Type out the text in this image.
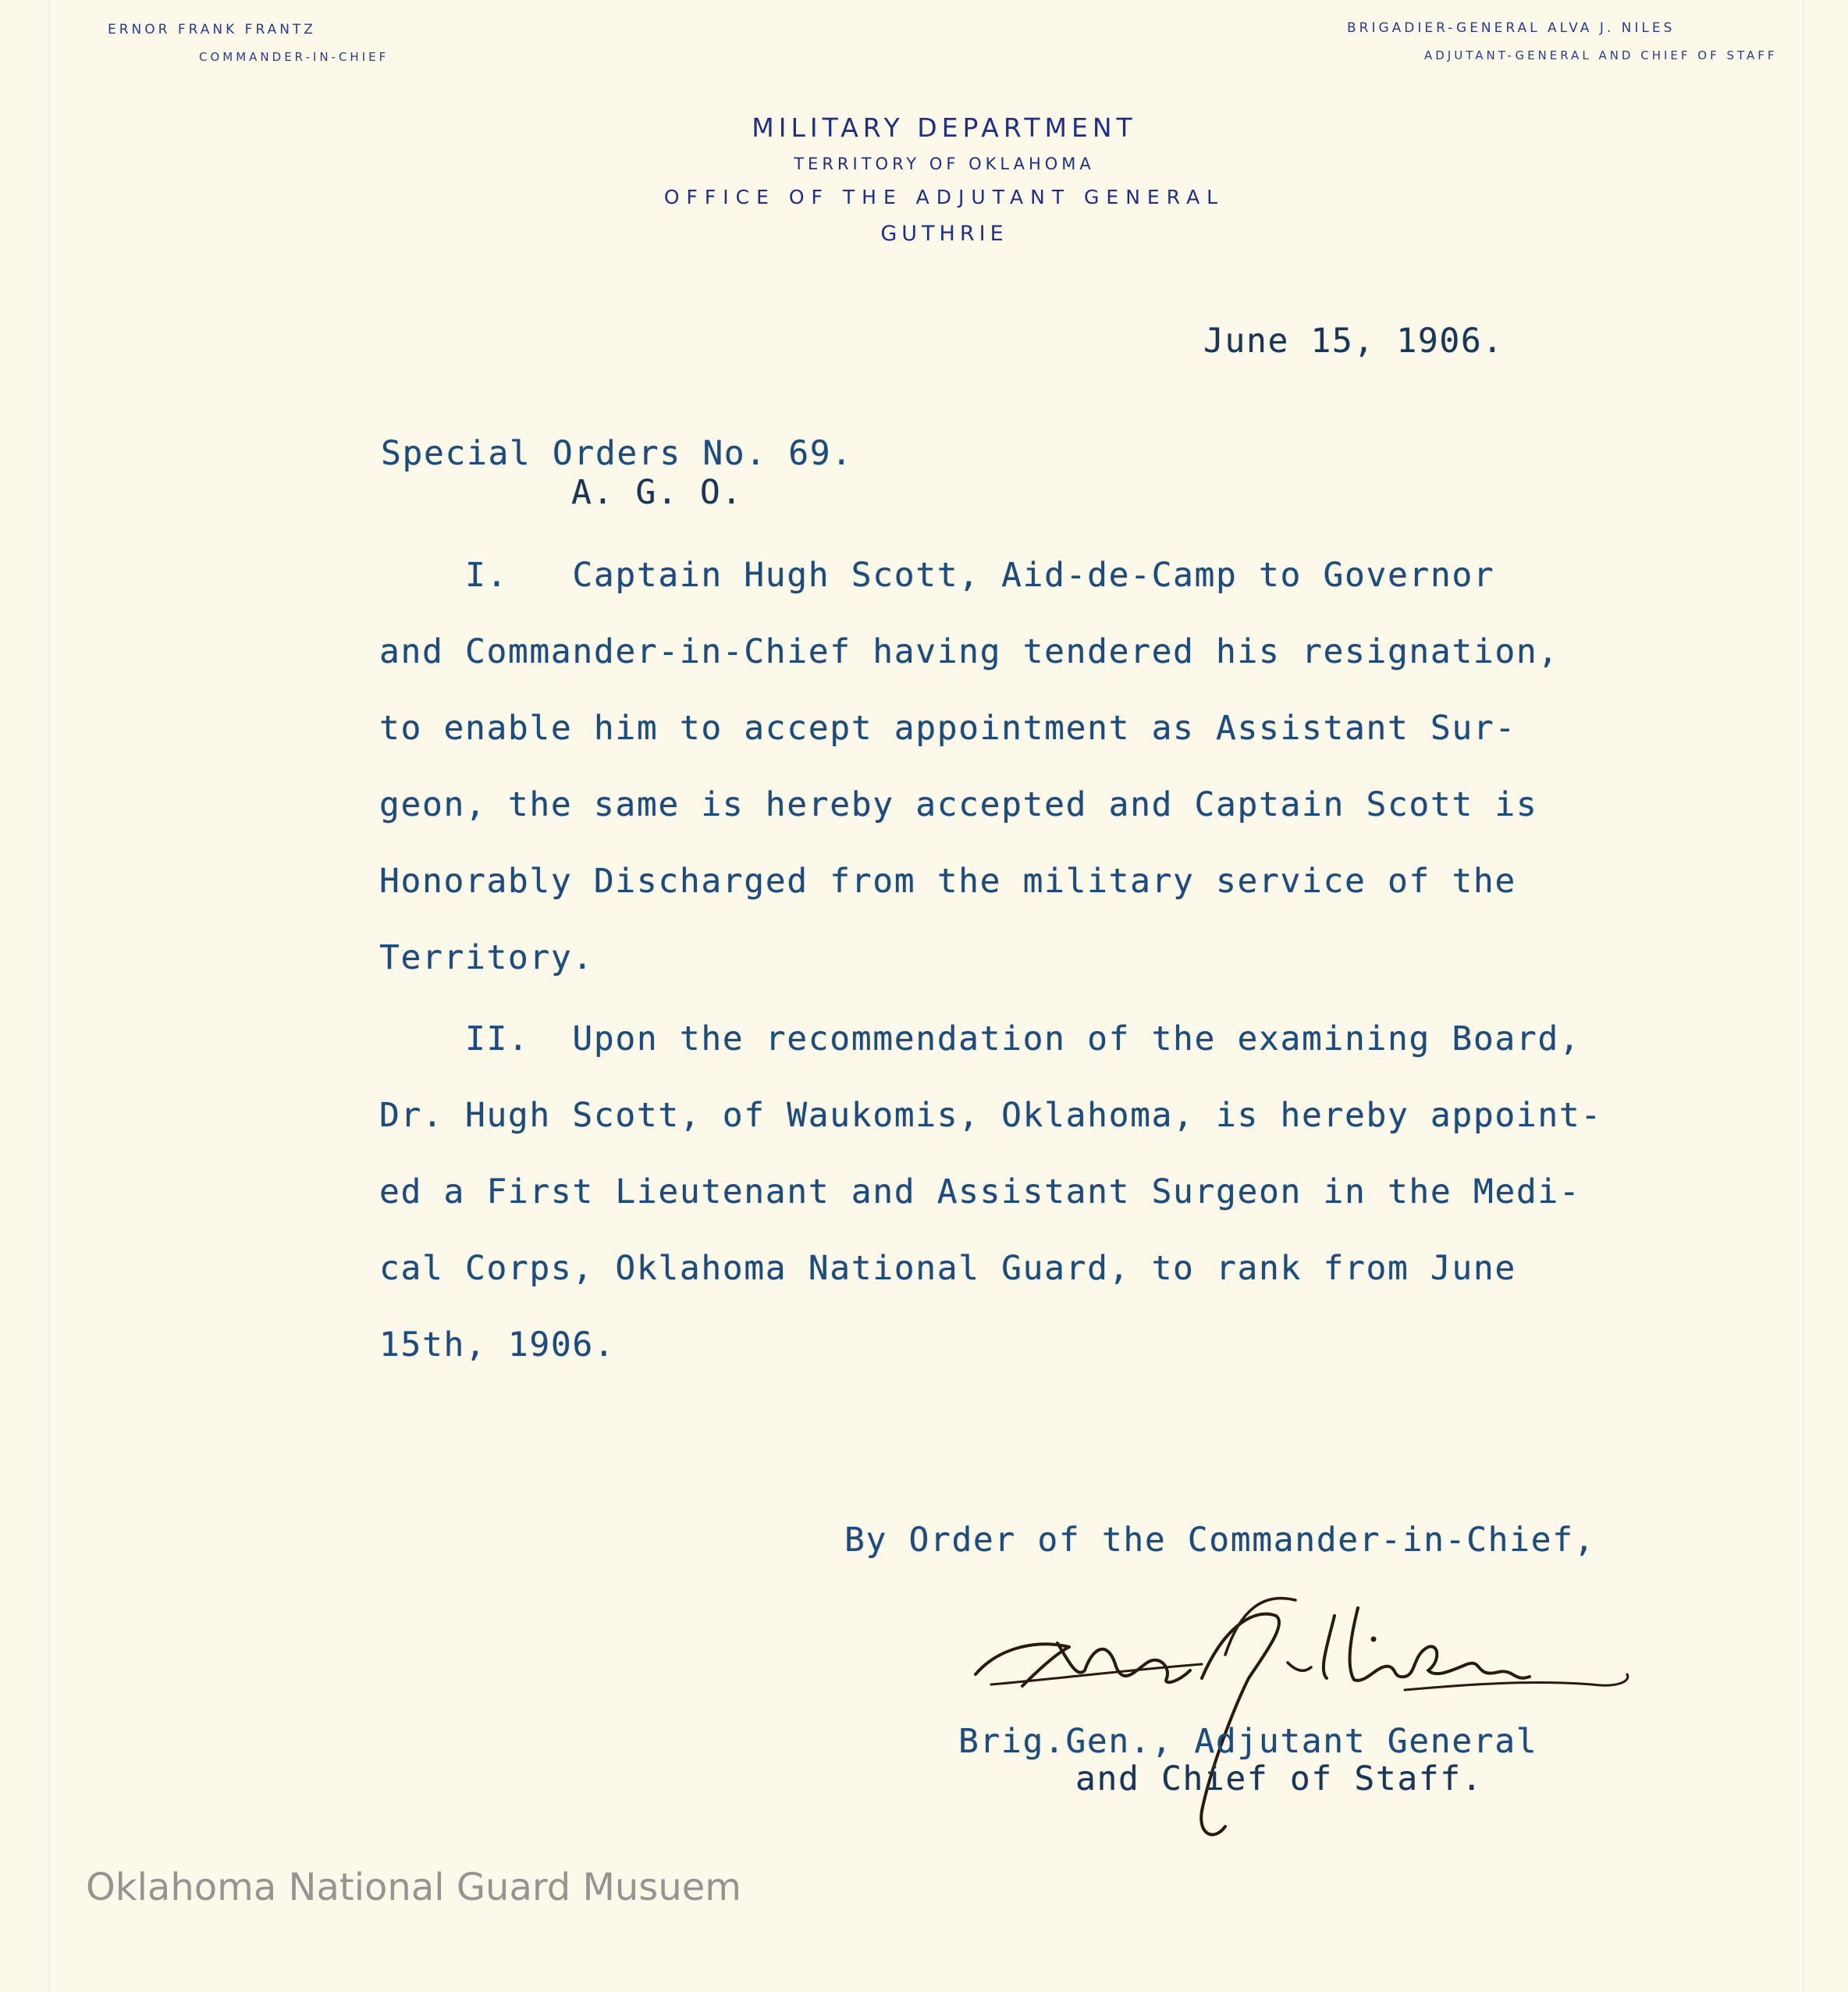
ERNOR FRANK FRANTZ
COMMANDER-IN-CHIEF
BRIGADIER-GENERAL ALVA J. NILES
ADJUTANT-GENERAL AND CHIEF OF STAFF
MILITARY DEPARTMENT
TERRITORY OF OKLAHOMA
OFFICE OF THE ADJUTANT GENERAL
GUTHRIE
June 15, 1906.
Special Orders No. 69.
A. G. O.
I.   Captain Hugh Scott, Aid-de-Camp to Governor
and Commander-in-Chief having tendered his resignation,
to enable him to accept appointment as Assistant Sur-
geon, the same is hereby accepted and Captain Scott is
Honorably Discharged from the military service of the
Territory.
II.  Upon the recommendation of the examining Board,
Dr. Hugh Scott, of Waukomis, Oklahoma, is hereby appoint-
ed a First Lieutenant and Assistant Surgeon in the Medi-
cal Corps, Oklahoma National Guard, to rank from June
15th, 1906.
By Order of the Commander-in-Chief,
Brig.Gen., Adjutant General
and Chief of Staff.
Oklahoma National Guard Musuem
